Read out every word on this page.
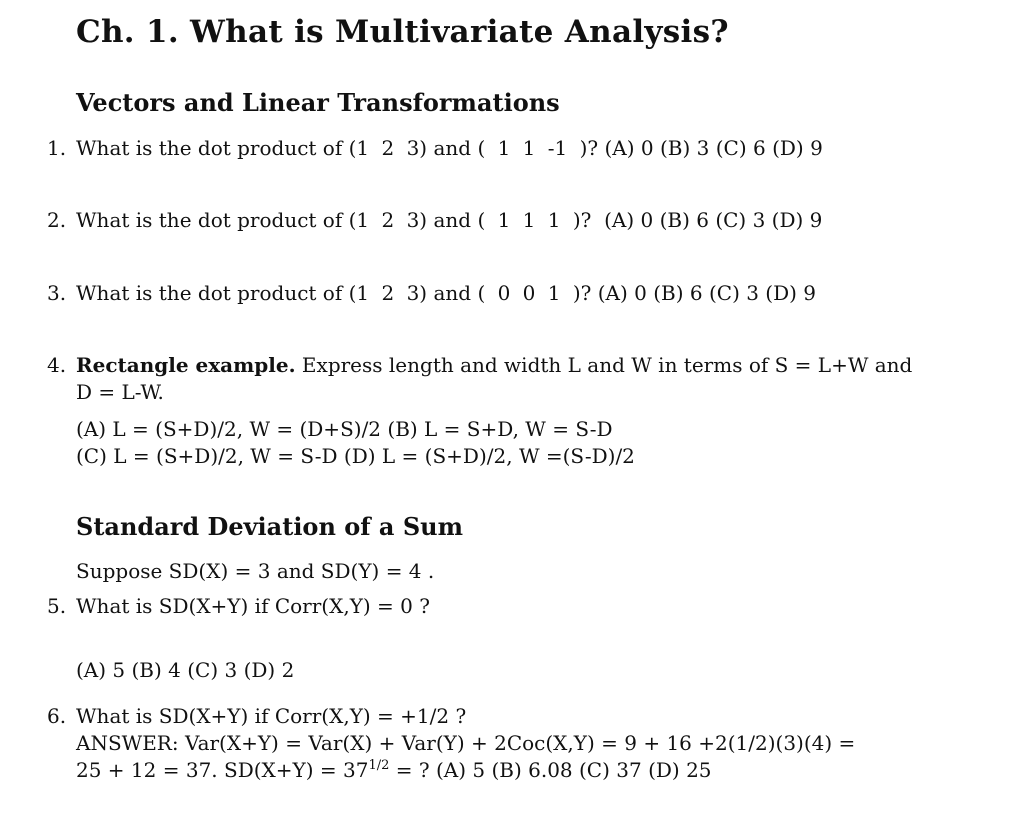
Ch. 1. What is Multivariate Analysis?
Vectors and Linear Transformations
1. What is the dot product of (1 2 3) and ( 1 1 -1 )? (A) 0 (B) 3 (C) 6 (D) 9
2. What is the dot product of (1 2 3) and ( 1 1 1 )?  (A) 0 (B) 6 (C) 3 (D) 9
3. What is the dot product of (1 2 3) and ( 0 0 1 )? (A) 0 (B) 6 (C) 3 (D) 9
4. Rectangle example. Express length and width L and W in terms of S = L+W and
D = L-W.
(A) L = (S+D)/2, W = (D+S)/2 (B) L = S+D, W = S-D
(C) L = (S+D)/2, W = S-D (D) L = (S+D)/2, W =(S-D)/2
Standard Deviation of a Sum
Suppose SD(X) = 3 and SD(Y) = 4 .
5. What is SD(X+Y) if Corr(X,Y) = 0 ?
(A) 5 (B) 4 (C) 3 (D) 2
6. What is SD(X+Y) if Corr(X,Y) = +1/2 ?
ANSWER: Var(X+Y) = Var(X) + Var(Y) + 2Coc(X,Y) = 9 + 16 +2(1/2)(3)(4) =
25 + 12 = 37. $SD(X+Y) = 37^{1/2}$ = ? (A) 5 (B) 6.08 (C) 37 (D) 25
